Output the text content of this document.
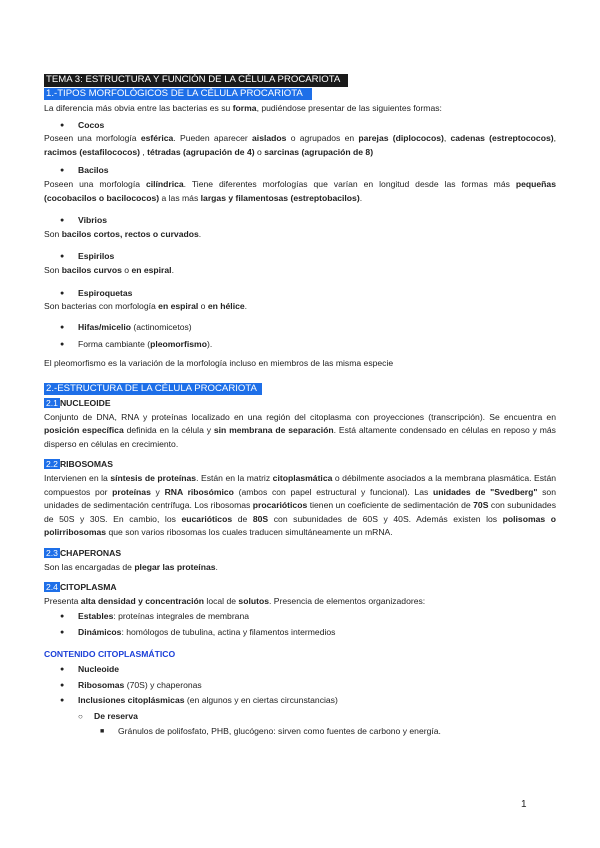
TEMA 3: ESTRUCTURA Y FUNCIÓN DE LA CÉLULA PROCARIOTA
1.-TIPOS MORFOLÓGICOS DE LA CÉLULA PROCARIOTA

La diferencia más obvia entre las bacterias es su forma, pudiéndose presentar de las siguientes formas:

● Cocos

Poseen una morfología esférica. Pueden aparecer aislados o agrupados en parejas (diplococos), cadenas (estreptococos), racimos (estafilococos) , tétradas (agrupación de 4) o sarcinas (agrupación de 8)

● Bacilos

Poseen una morfología cilíndrica. Tiene diferentes morfologías que varían en longitud desde las formas más pequeñas (cocobacilos o bacilococos) a las más largas y filamentosas (estreptobacilos).

● Vibrios

Son bacilos cortos, rectos o curvados.

● Espirilos

Son bacilos curvos o en espiral.

● Espiroquetas

Son bacterias con morfología en espiral o en hélice.

● Hifas/micelio (actinomicetos)
● Forma cambiante (pleomorfismo).

El pleomorfismo es la variación de la morfología incluso en miembros de las misma especie

2.-ESTRUCTURA DE LA CÉLULA PROCARIOTA
2.1 NUCLEOIDE

Conjunto de DNA, RNA y proteínas localizado en una región del citoplasma con proyecciones (transcripción). Se encuentra en posición específica definida en la célula y sin membrana de separación. Está altamente condensado en células en reposo y más disperso en células en crecimiento.

2.2 RIBOSOMAS

Intervienen en la síntesis de proteínas. Están en la matriz citoplasmática o débilmente asociados a la membrana plasmática. Están compuestos por proteínas y RNA ribosómico (ambos con papel estructural y funcional). Las unidades de "Svedberg" son unidades de sedimentación centrífuga. Los ribosomas procarióticos tienen un coeficiente de sedimentación de 70S con subunidades de 50S y 30S. En cambio, los eucarióticos de 80S con subunidades de 60S y 40S. Además existen los polisomas o polirribosomas que son varios ribosomas los cuales traducen simultáneamente un mRNA.

2.3 CHAPERONAS

Son las encargadas de plegar las proteínas.

2.4 CITOPLASMA

Presenta alta densidad y concentración local de solutos. Presencia de elementos organizadores:

● Estables: proteínas integrales de membrana
● Dinámicos: homólogos de tubulina, actina y filamentos intermedios
CONTENIDO CITOPLASMÁTICO
● Nucleoide
● Ribosomas (70S) y chaperonas
● Inclusiones citoplásmicas (en algunos y en ciertas circunstancias)
○ De reserva
■ Gránulos de polifosfato, PHB, glucógeno: sirven como fuentes de carbono y energía.
1
